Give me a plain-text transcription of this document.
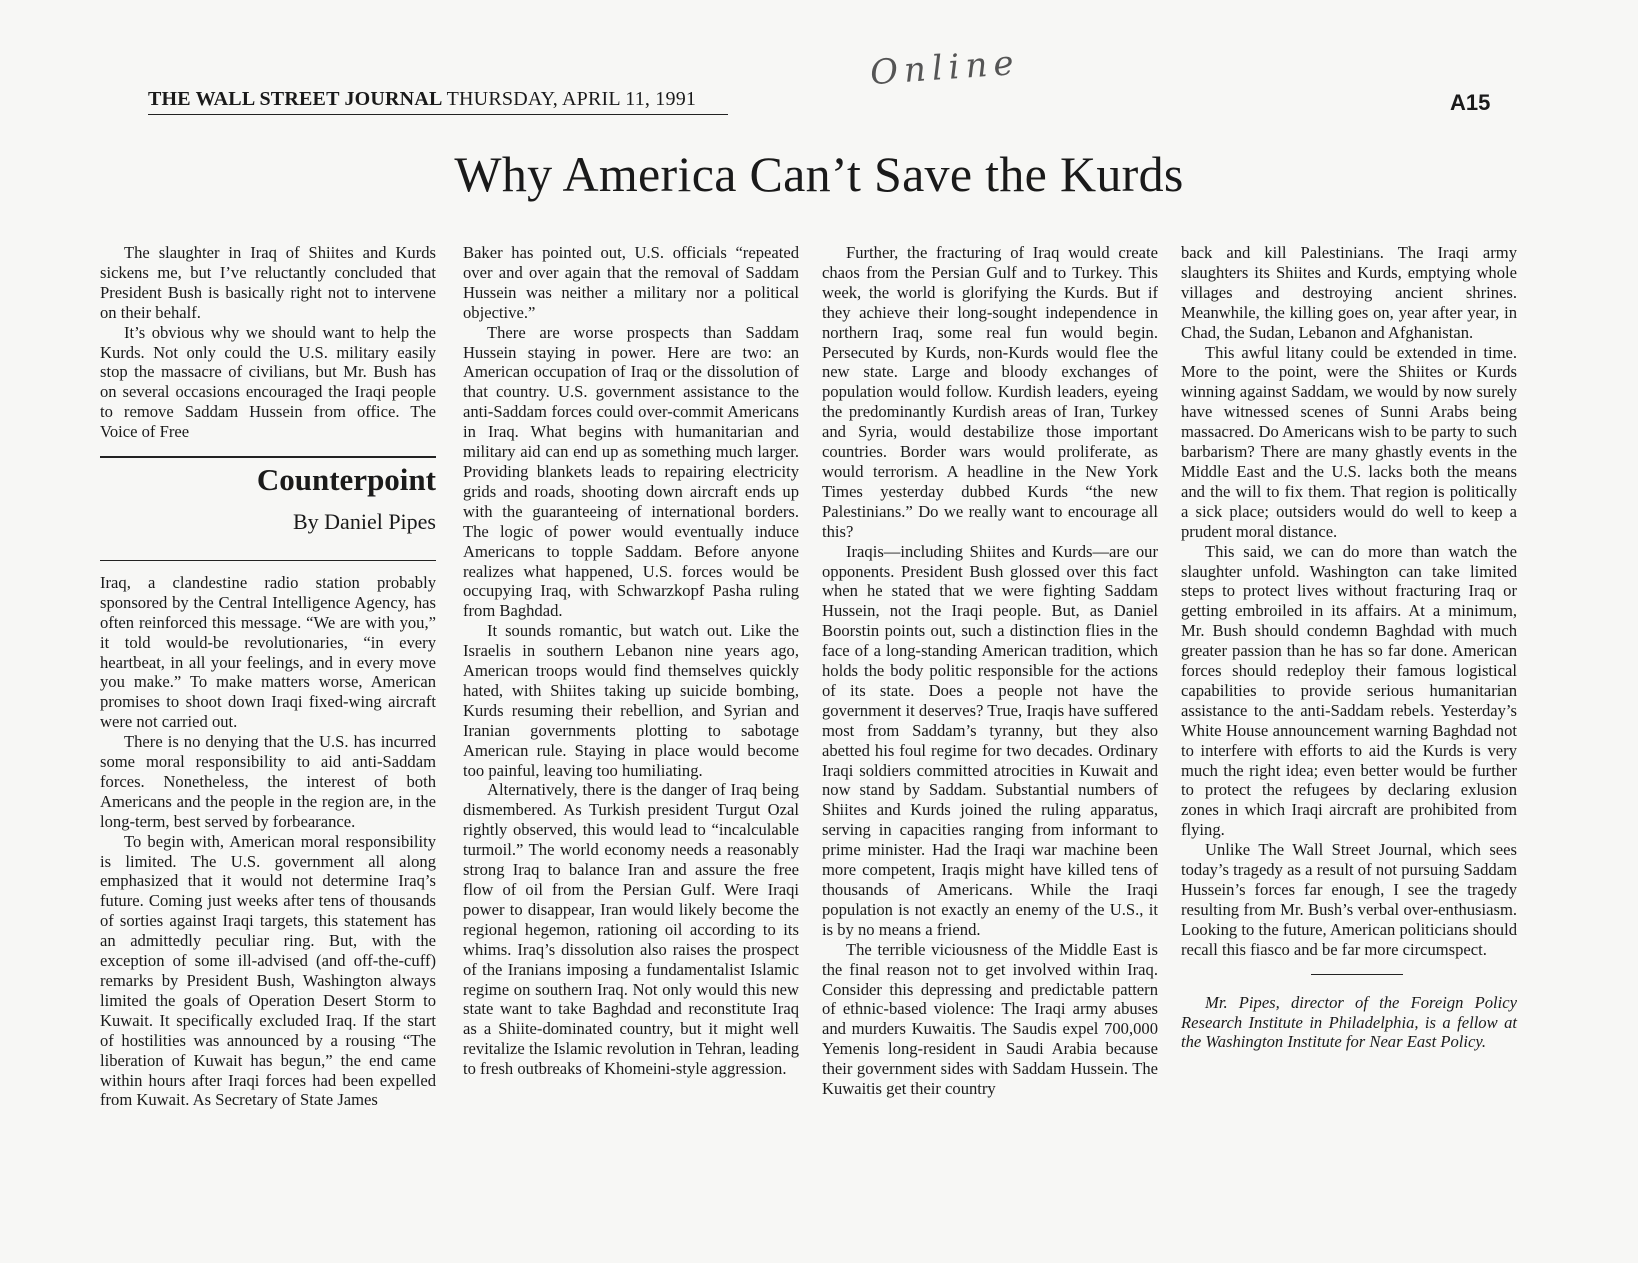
THE WALL STREET JOURNAL THURSDAY, APRIL 11, 1991	A15
Online
Why America Can’t Save the Kurds

The slaughter in Iraq of Shiites and Kurds sickens me, but I’ve reluctantly concluded that President Bush is basically right not to intervene on their behalf.

It’s obvious why we should want to help the Kurds. Not only could the U.S. military easily stop the massacre of civilians, but Mr. Bush has on several occasions encouraged the Iraqi people to remove Saddam Hussein from office. The Voice of Free

Counterpoint
By Daniel Pipes

Iraq, a clandestine radio station probably sponsored by the Central Intelligence Agency, has often reinforced this message. “We are with you,” it told would-be revolutionaries, “in every heartbeat, in all your feelings, and in every move you make.” To make matters worse, American promises to shoot down Iraqi fixed-wing aircraft were not carried out.

There is no denying that the U.S. has incurred some moral responsibility to aid anti-Saddam forces. Nonetheless, the interest of both Americans and the people in the region are, in the long-term, best served by forbearance.

To begin with, American moral responsibility is limited. The U.S. government all along emphasized that it would not determine Iraq’s future. Coming just weeks after tens of thousands of sorties against Iraqi targets, this statement has an admittedly peculiar ring. But, with the exception of some ill-advised (and off-the-cuff) remarks by President Bush, Washington always limited the goals of Operation Desert Storm to Kuwait. It specifically excluded Iraq. If the start of hostilities was announced by a rousing “The liberation of Kuwait has begun,” the end came within hours after Iraqi forces had been expelled from Kuwait. As Secretary of State James

Baker has pointed out, U.S. officials “repeated over and over again that the removal of Saddam Hussein was neither a military nor a political objective.”

There are worse prospects than Saddam Hussein staying in power. Here are two: an American occupation of Iraq or the dissolution of that country. U.S. government assistance to the anti-Saddam forces could over-commit Americans in Iraq. What begins with humanitarian and military aid can end up as something much larger. Providing blankets leads to repairing electricity grids and roads, shooting down aircraft ends up with the guaranteeing of international borders. The logic of power would eventually induce Americans to topple Saddam. Before anyone realizes what happened, U.S. forces would be occupying Iraq, with Schwarzkopf Pasha ruling from Baghdad.

It sounds romantic, but watch out. Like the Israelis in southern Lebanon nine years ago, American troops would find themselves quickly hated, with Shiites taking up suicide bombing, Kurds resuming their rebellion, and Syrian and Iranian governments plotting to sabotage American rule. Staying in place would become too painful, leaving too humiliating.

Alternatively, there is the danger of Iraq being dismembered. As Turkish president Turgut Ozal rightly observed, this would lead to “incalculable turmoil.” The world economy needs a reasonably strong Iraq to balance Iran and assure the free flow of oil from the Persian Gulf. Were Iraqi power to disappear, Iran would likely become the regional hegemon, rationing oil according to its whims. Iraq’s dissolution also raises the prospect of the Iranians imposing a fundamentalist Islamic regime on southern Iraq. Not only would this new state want to take Baghdad and reconstitute Iraq as a Shiite-dominated country, but it might well revitalize the Islamic revolution in Tehran, leading to fresh outbreaks of Khomeini-style aggression.

Further, the fracturing of Iraq would create chaos from the Persian Gulf and to Turkey. This week, the world is glorifying the Kurds. But if they achieve their long-sought independence in northern Iraq, some real fun would begin. Persecuted by Kurds, non-Kurds would flee the new state. Large and bloody exchanges of population would follow. Kurdish leaders, eyeing the predominantly Kurdish areas of Iran, Turkey and Syria, would destabilize those important countries. Border wars would proliferate, as would terrorism. A headline in the New York Times yesterday dubbed Kurds “the new Palestinians.” Do we really want to encourage all this?

Iraqis—including Shiites and Kurds—are our opponents. President Bush glossed over this fact when he stated that we were fighting Saddam Hussein, not the Iraqi people. But, as Daniel Boorstin points out, such a distinction flies in the face of a long-standing American tradition, which holds the body politic responsible for the actions of its state. Does a people not have the government it deserves? True, Iraqis have suffered most from Saddam’s tyranny, but they also abetted his foul regime for two decades. Ordinary Iraqi soldiers committed atrocities in Kuwait and now stand by Saddam. Substantial numbers of Shiites and Kurds joined the ruling apparatus, serving in capacities ranging from informant to prime minister. Had the Iraqi war machine been more competent, Iraqis might have killed tens of thousands of Americans. While the Iraqi population is not exactly an enemy of the U.S., it is by no means a friend.

The terrible viciousness of the Middle East is the final reason not to get involved within Iraq. Consider this depressing and predictable pattern of ethnic-based violence: The Iraqi army abuses and murders Kuwaitis. The Saudis expel 700,000 Yemenis long-resident in Saudi Arabia because their government sides with Saddam Hussein. The Kuwaitis get their country

back and kill Palestinians. The Iraqi army slaughters its Shiites and Kurds, emptying whole villages and destroying ancient shrines. Meanwhile, the killing goes on, year after year, in Chad, the Sudan, Lebanon and Afghanistan.

This awful litany could be extended in time. More to the point, were the Shiites or Kurds winning against Saddam, we would by now surely have witnessed scenes of Sunni Arabs being massacred. Do Americans wish to be party to such barbarism? There are many ghastly events in the Middle East and the U.S. lacks both the means and the will to fix them. That region is politically a sick place; outsiders would do well to keep a prudent moral distance.

This said, we can do more than watch the slaughter unfold. Washington can take limited steps to protect lives without fracturing Iraq or getting embroiled in its affairs. At a minimum, Mr. Bush should condemn Baghdad with much greater passion than he has so far done. American forces should redeploy their famous logistical capabilities to provide serious humanitarian assistance to the anti-Saddam rebels. Yesterday’s White House announcement warning Baghdad not to interfere with efforts to aid the Kurds is very much the right idea; even better would be further to protect the refugees by declaring exlusion zones in which Iraqi aircraft are prohibited from flying.

Unlike The Wall Street Journal, which sees today’s tragedy as a result of not pursuing Saddam Hussein’s forces far enough, I see the tragedy resulting from Mr. Bush’s verbal over-enthusiasm. Looking to the future, American politicians should recall this fiasco and be far more circumspect.

Mr. Pipes, director of the Foreign Policy Research Institute in Philadelphia, is a fellow at the Washington Institute for Near East Policy.
